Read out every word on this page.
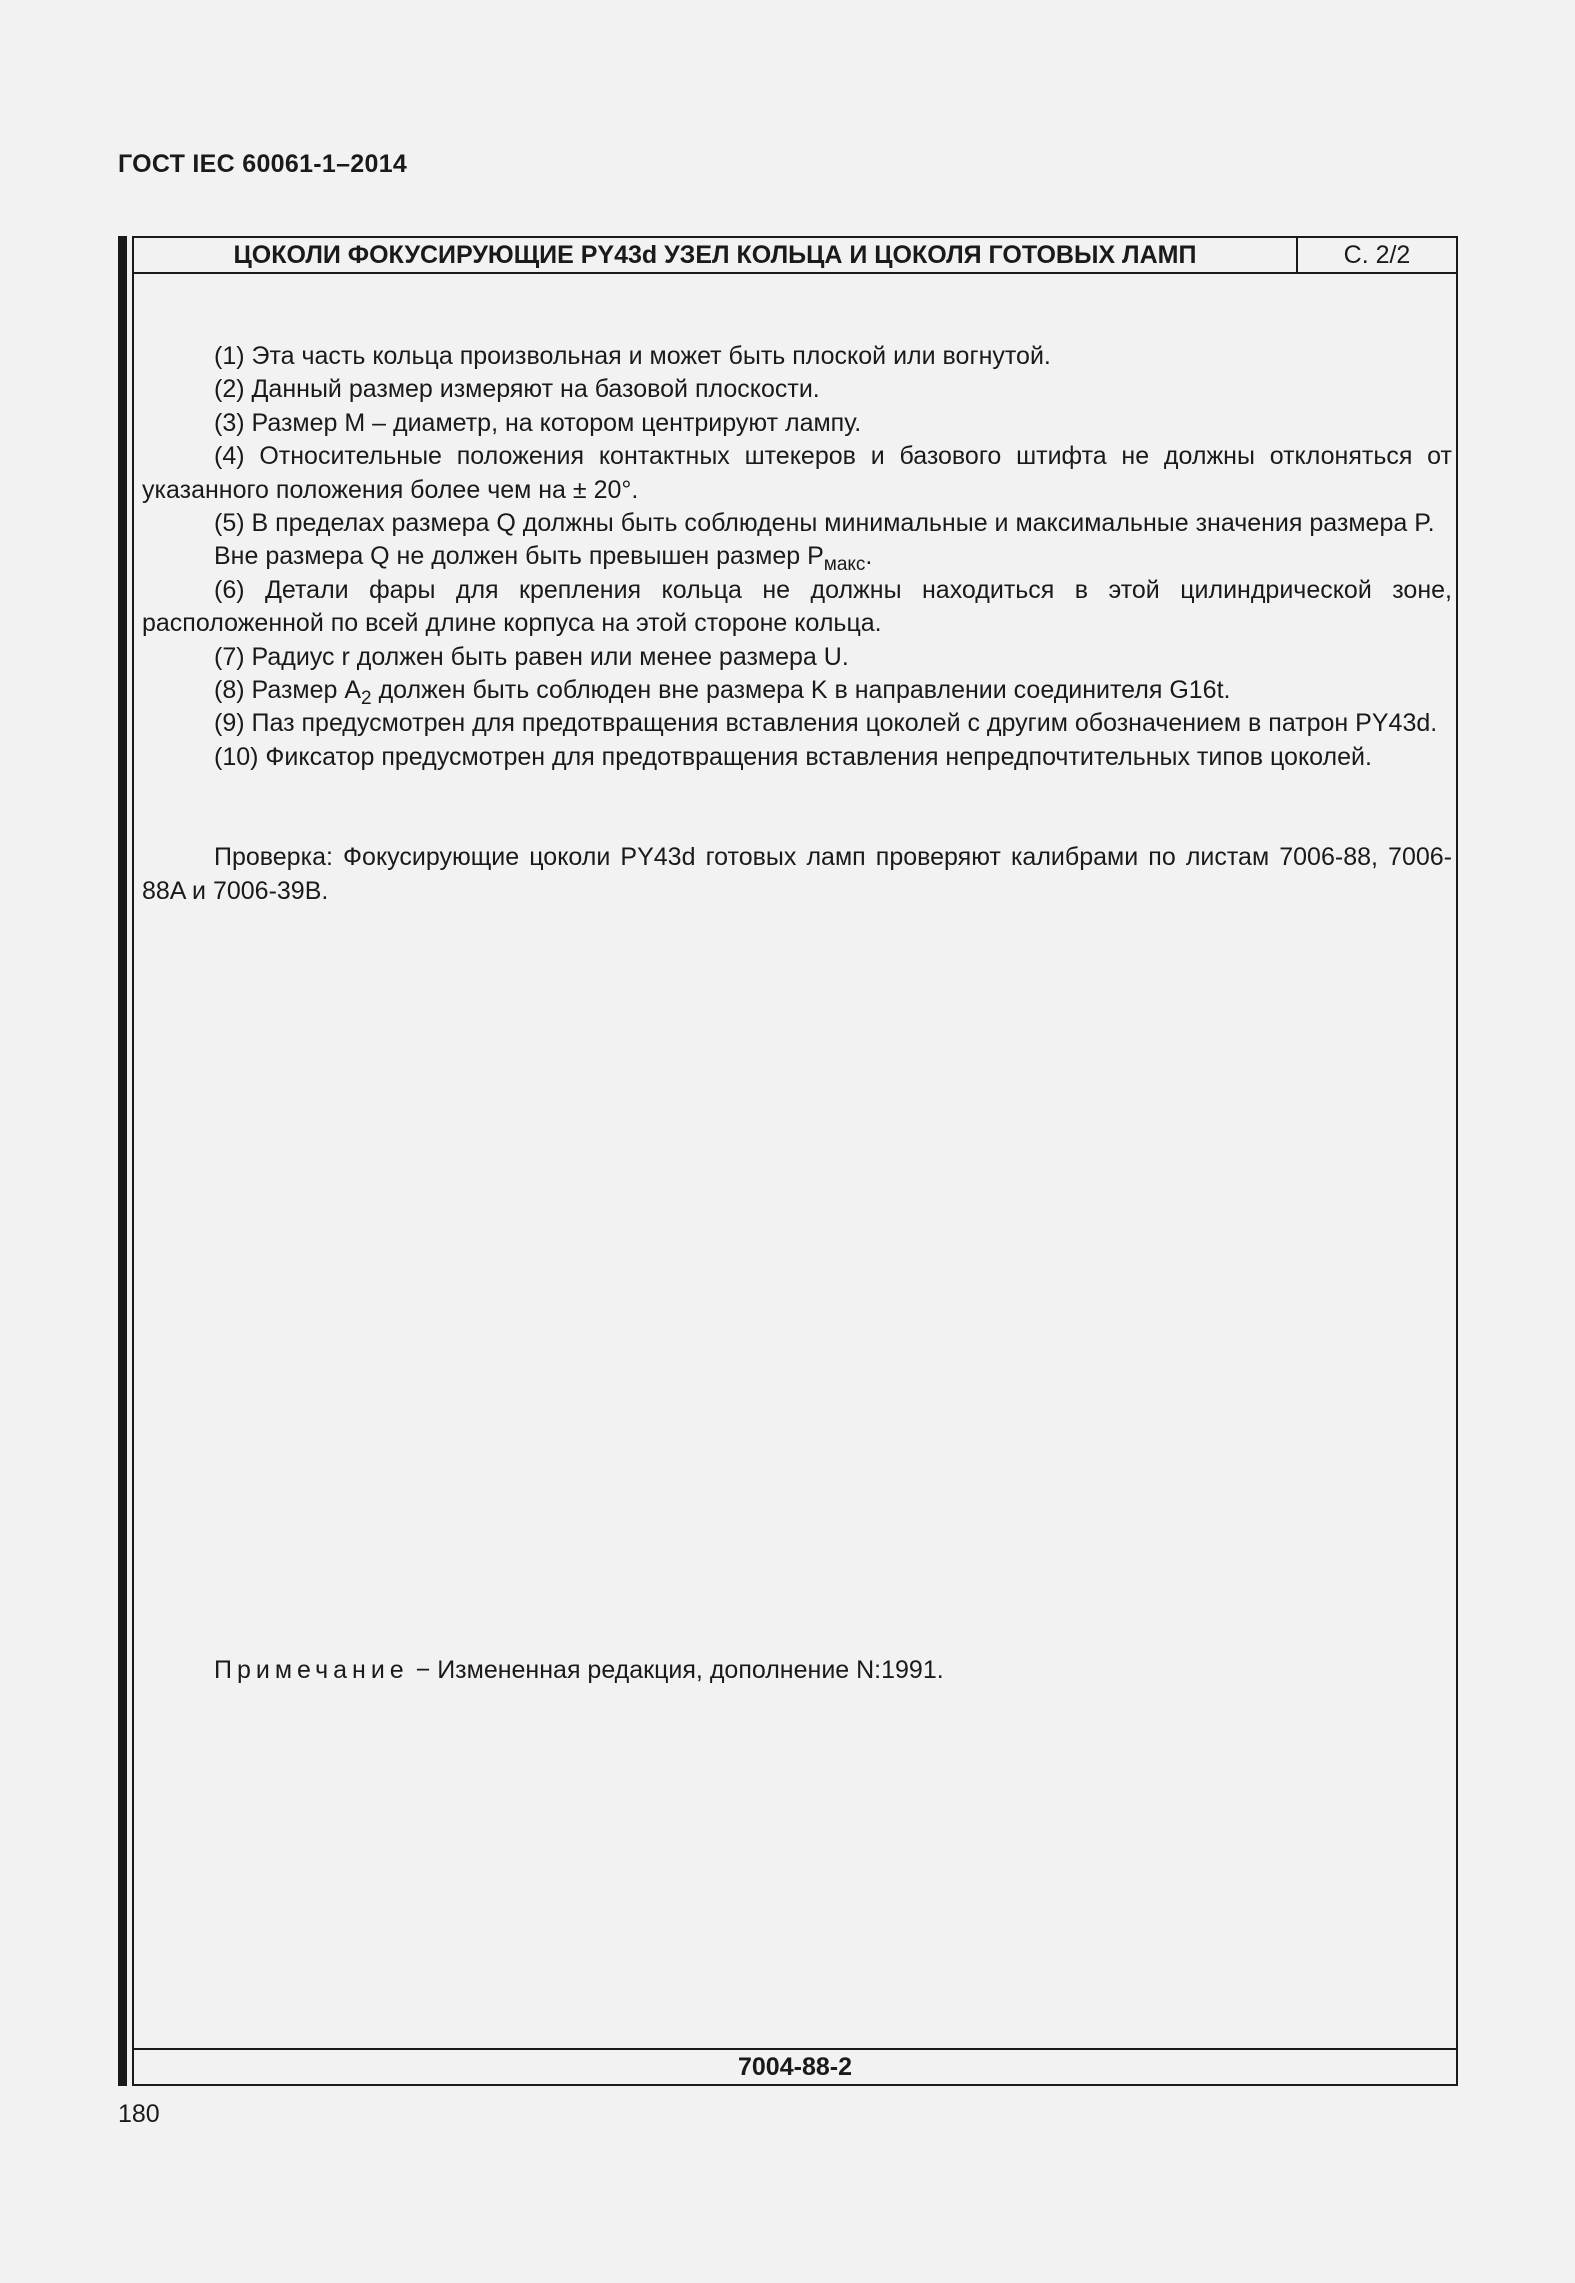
ГОСТ IEC 60061-1–2014
ЦОКОЛИ ФОКУСИРУЮЩИЕ PY43d УЗЕЛ КОЛЬЦА И ЦОКОЛЯ ГОТОВЫХ ЛАМП	С. 2/2

(1) Эта часть кольца произвольная и может быть плоской или вогнутой.

(2) Данный размер измеряют на базовой плоскости.

(3) Размер M – диаметр, на котором центрируют лампу.

(4) Относительные положения контактных штекеров и базового штифта не должны отклоняться от указанного положения более чем на ± 20°.

(5) В пределах размера Q должны быть соблюдены минимальные и максимальные значения размера P.

Вне размера Q не должен быть превышен размер $P_{макс}$.

(6) Детали фары для крепления кольца не должны находиться в этой цилиндрической зоне, расположенной по всей длине корпуса на этой стороне кольца.

(7) Радиус r должен быть равен или менее размера U.

(8) Размер $A_2$ должен быть соблюден вне размера K в направлении соединителя G16t.

(9) Паз предусмотрен для предотвращения вставления цоколей с другим обозначением в патрон PY43d.

(10) Фиксатор предусмотрен для предотвращения вставления непредпочтительных типов цоколей.

Проверка: Фокусирующие цоколи PY43d готовых ламп проверяют калибрами по листам 7006-88, 7006-88A и 7006-39B.

Примечание − Измененная редакция, дополнение N:1991.
7004-88-2
180
